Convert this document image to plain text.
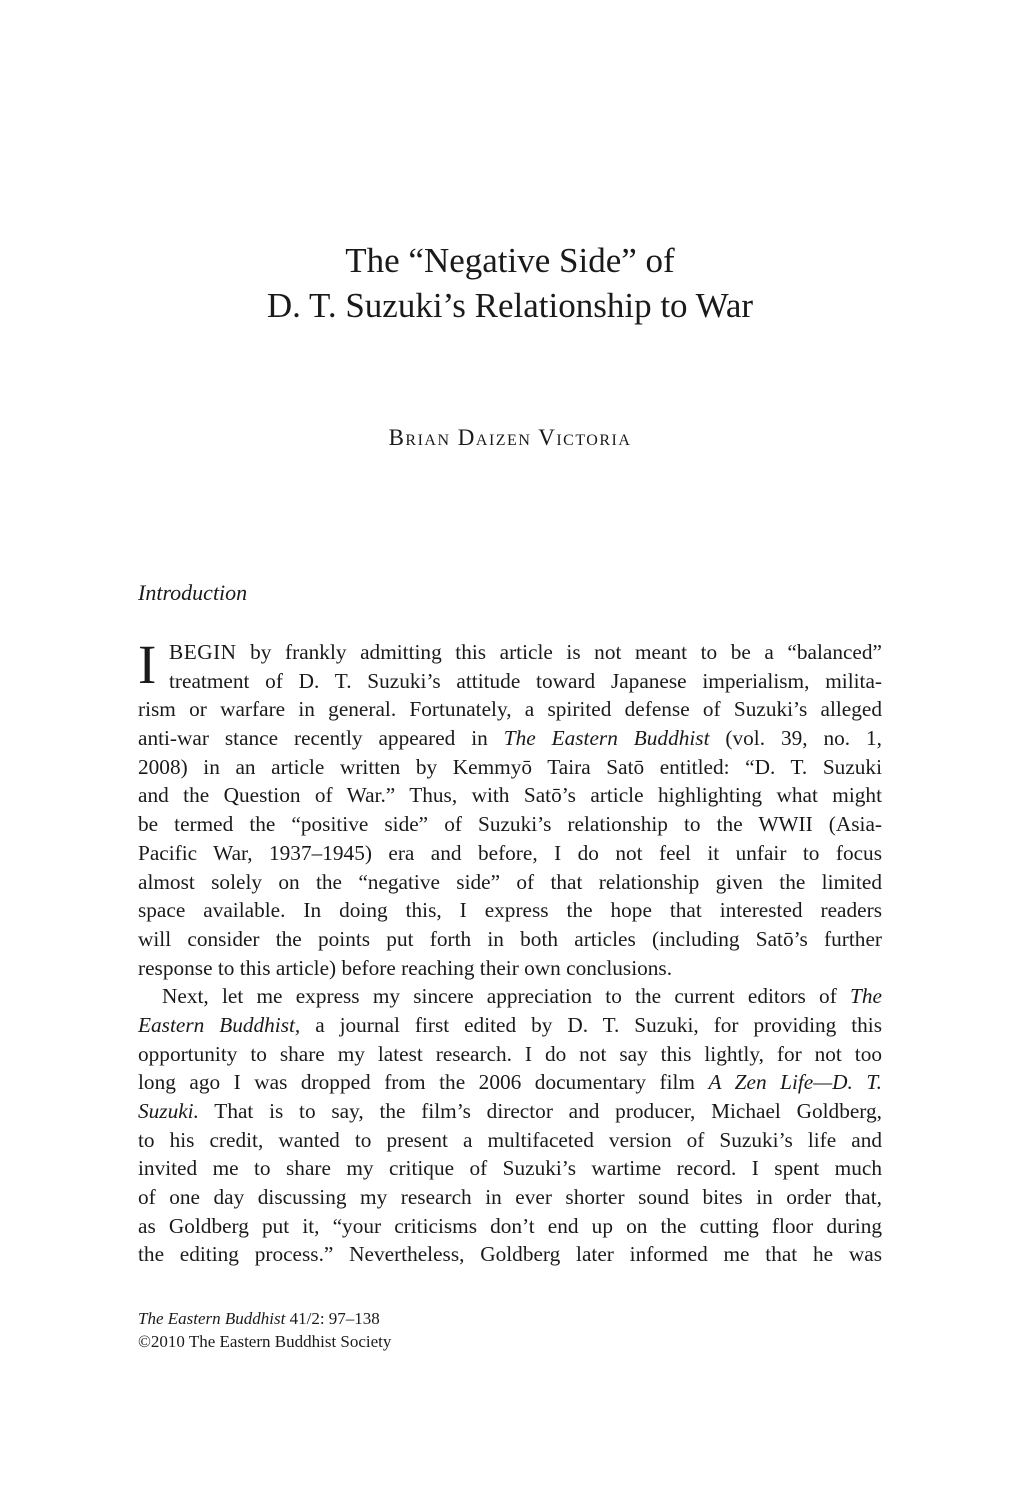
The “Negative Side” of
D. T. Suzuki’s Relationship to War
Brian Daizen Victoria
Introduction
I BEGIN by frankly admitting this article is not meant to be a “balanced”
treatment of D. T. Suzuki’s attitude toward Japanese imperialism, milita-
rism or warfare in general. Fortunately, a spirited defense of Suzuki’s alleged
anti-war stance recently appeared in The Eastern Buddhist (vol. 39, no. 1,
2008) in an article written by Kemmyō Taira Satō entitled: “D. T. Suzuki
and the Question of War.” Thus, with Satō’s article highlighting what might
be termed the “positive side” of Suzuki’s relationship to the WWII (Asia-
Pacific War, 1937–1945) era and before, I do not feel it unfair to focus
almost solely on the “negative side” of that relationship given the limited
space available. In doing this, I express the hope that interested readers
will consider the points put forth in both articles (including Satō’s further
response to this article) before reaching their own conclusions.
Next, let me express my sincere appreciation to the current editors of The
Eastern Buddhist, a journal first edited by D. T. Suzuki, for providing this
opportunity to share my latest research. I do not say this lightly, for not too
long ago I was dropped from the 2006 documentary film A Zen Life—D. T.
Suzuki. That is to say, the film’s director and producer, Michael Goldberg,
to his credit, wanted to present a multifaceted version of Suzuki’s life and
invited me to share my critique of Suzuki’s wartime record. I spent much
of one day discussing my research in ever shorter sound bites in order that,
as Goldberg put it, “your criticisms don’t end up on the cutting floor during
the editing process.” Nevertheless, Goldberg later informed me that he was
The Eastern Buddhist 41/2: 97–138
©2010 The Eastern Buddhist Society
